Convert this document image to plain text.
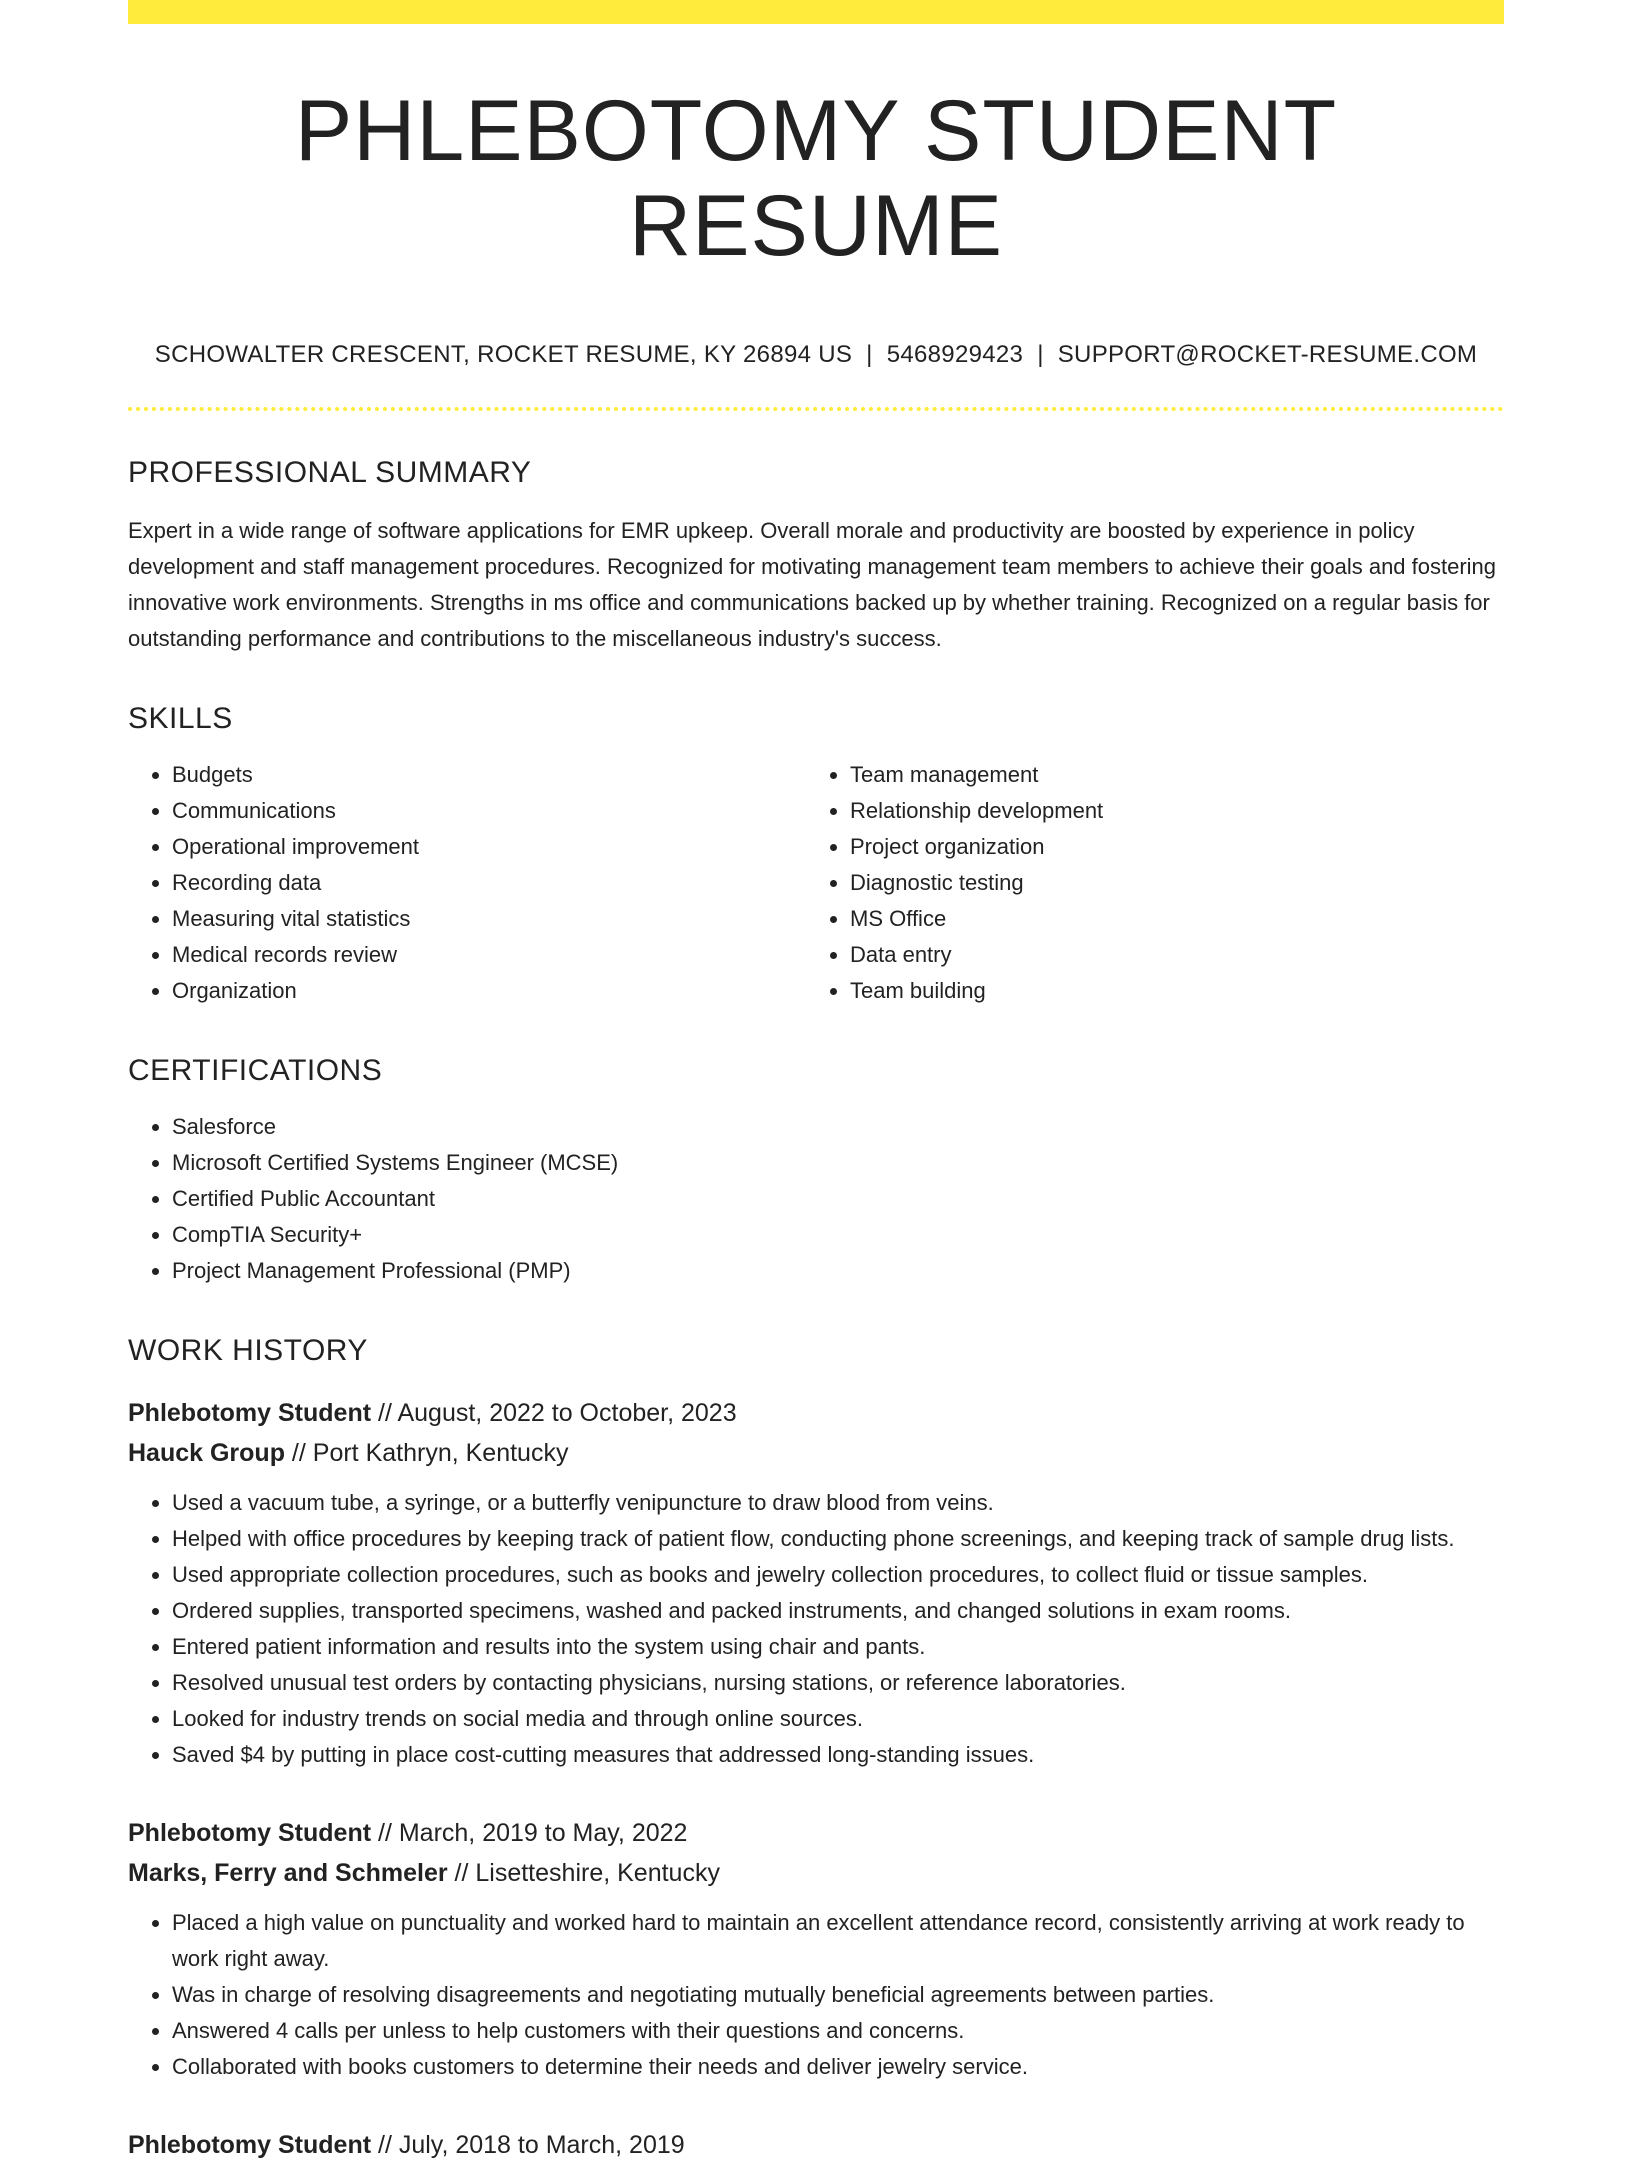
PHLEBOTOMY STUDENT RESUME
SCHOWALTER CRESCENT, ROCKET RESUME, KY 26894 US | 5468929423 | SUPPORT@ROCKET-RESUME.COM
PROFESSIONAL SUMMARY

Expert in a wide range of software applications for EMR upkeep. Overall morale and productivity are boosted by experience in policy development and staff management procedures. Recognized for motivating management team members to achieve their goals and fostering innovative work environments. Strengths in ms office and communications backed up by whether training. Recognized on a regular basis for outstanding performance and contributions to the miscellaneous industry's success.

SKILLS
• Budgets
• Communications
• Operational improvement
• Recording data
• Measuring vital statistics
• Medical records review
• Organization
• Team management
• Relationship development
• Project organization
• Diagnostic testing
• MS Office
• Data entry
• Team building
CERTIFICATIONS
• Salesforce
• Microsoft Certified Systems Engineer (MCSE)
• Certified Public Accountant
• CompTIA Security+
• Project Management Professional (PMP)
WORK HISTORY
Phlebotomy Student // August, 2022 to October, 2023
Hauck Group // Port Kathryn, Kentucky
• Used a vacuum tube, a syringe, or a butterfly venipuncture to draw blood from veins.
• Helped with office procedures by keeping track of patient flow, conducting phone screenings, and keeping track of sample drug lists.
• Used appropriate collection procedures, such as books and jewelry collection procedures, to collect fluid or tissue samples.
• Ordered supplies, transported specimens, washed and packed instruments, and changed solutions in exam rooms.
• Entered patient information and results into the system using chair and pants.
• Resolved unusual test orders by contacting physicians, nursing stations, or reference laboratories.
• Looked for industry trends on social media and through online sources.
• Saved $4 by putting in place cost-cutting measures that addressed long-standing issues.
Phlebotomy Student // March, 2019 to May, 2022
Marks, Ferry and Schmeler // Lisetteshire, Kentucky
• Placed a high value on punctuality and worked hard to maintain an excellent attendance record, consistently arriving at work ready to work right away.
• Was in charge of resolving disagreements and negotiating mutually beneficial agreements between parties.
• Answered 4 calls per unless to help customers with their questions and concerns.
• Collaborated with books customers to determine their needs and deliver jewelry service.
Phlebotomy Student // July, 2018 to March, 2019
